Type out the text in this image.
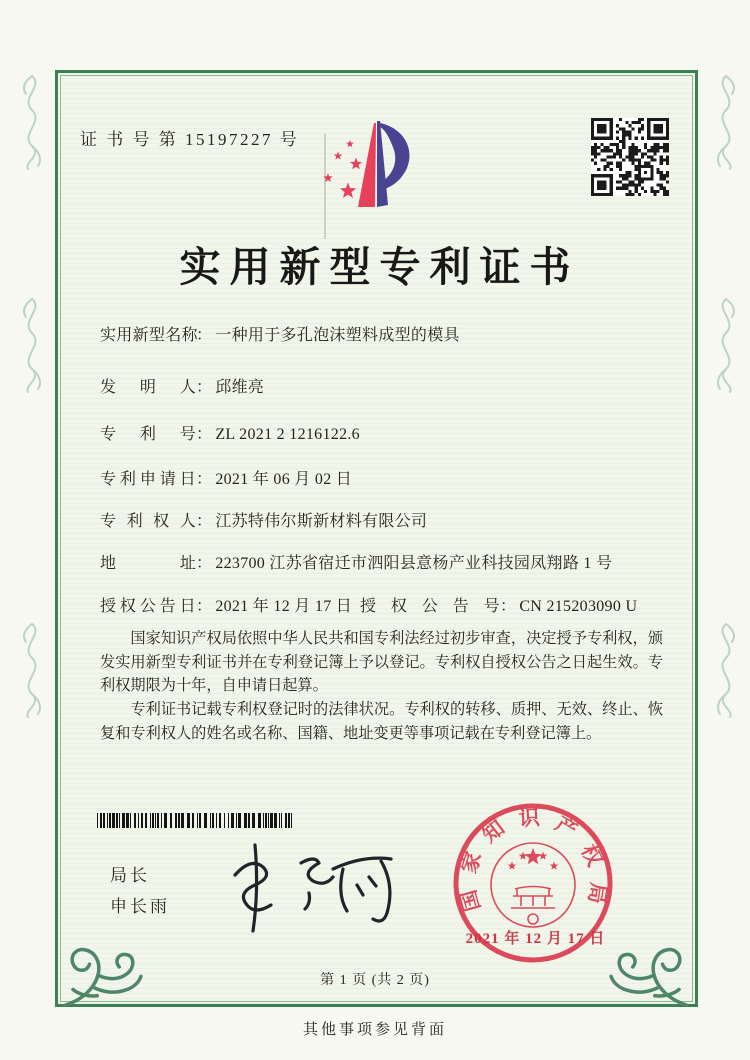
证 书 号 第 15197227 号
实用新型专利证书
实用新型名称： 一种用于多孔泡沫塑料成型的模具
发明人： 邱维亮
专利号： ZL 2021 2 1216122.6
专利申请日： 2021 年 06 月 02 日
专利权人： 江苏特伟尔斯新材料有限公司
地址： 223700 江苏省宿迁市泗阳县意杨产业科技园凤翔路 1 号
授权公告日： 2021 年 12 月 17 日 授权公告号： CN 215203090 U

国家知识产权局依照中华人民共和国专利法经过初步审查，决定授予专利权，颁发实用新型专利证书并在专利登记簿上予以登记。专利权自授权公告之日起生效。专利权期限为十年，自申请日起算。

专利证书记载专利权登记时的法律状况。专利权的转移、质押、无效、终止、恢复和专利权人的姓名或名称、国籍、地址变更等事项记载在专利登记簿上。

局长
申长雨	国家知识产权局
2021 年 12 月 17 日
第 1 页 (共 2 页)
其他事项参见背面
